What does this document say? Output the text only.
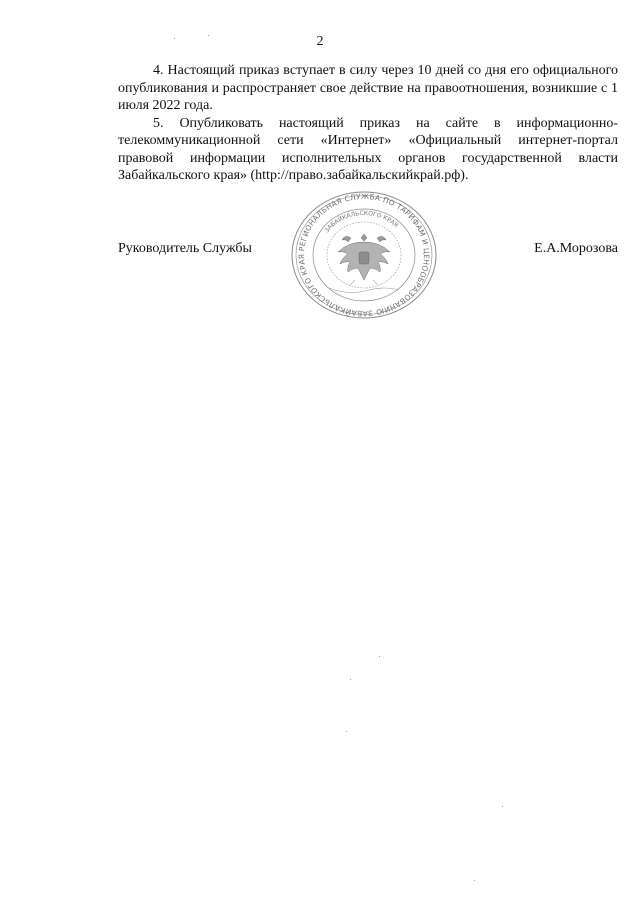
2

4. Настоящий приказ вступает в силу через 10 дней со дня его официального опубликования и распространяет свое действие на правоотношения, возникшие с 1 июля 2022 года.

5. Опубликовать настоящий приказ на сайте в информационно-телекоммуникационной сети «Интернет» «Официальный интернет-портал правовой информации исполнительных органов государственной власти Забайкальского края» (http://право.забайкальскийкрай.рф).

Руководитель Службы	Е.А.Морозова
РЕГИОНАЛЬНАЯ СЛУЖБА ПО ТАРИФАМ И ЦЕНООБРАЗОВАНИЮ ЗАБАЙКАЛЬСКОГО КРАЯ
ЗАБАЙКАЛЬСКОГО КРАЯ
